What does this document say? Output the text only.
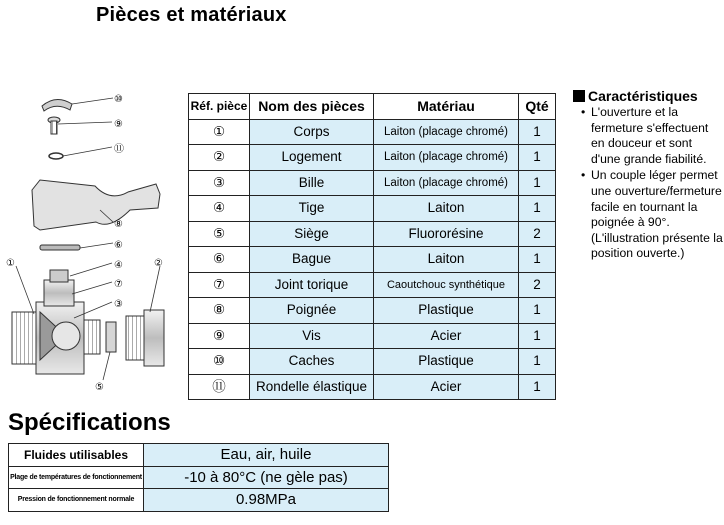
Pièces et matériaux
⑩
⑨
⑪
⑧
⑥
④
⑦
③
①	②
⑤
Réf. pièce	Nom des pièces	Matériau	Qté
①	Corps	Laiton (placage chromé)	1
②	Logement	Laiton (placage chromé)	1
③	Bille	Laiton (placage chromé)	1
④	Tige	Laiton	1
⑤	Siège	Fluororésine	2
⑥	Bague	Laiton	1
⑦	Joint torique	Caoutchouc synthétique	2
⑧	Poignée	Plastique	1
⑨	Vis	Acier	1
⑩	Caches	Plastique	1
⑪	Rondelle élastique	Acier	1
Caractéristiques
• L'ouverture et la fermeture s'effectuent en douceur et sont d'une grande fiabilité.
• Un couple léger permet une ouverture/fermeture facile en tournant la poignée à 90°. (L'illustration présente la position ouverte.)
Spécifications
Fluides utilisables	Eau, air, huile
Plage de températures de fonctionnement	-10 à 80°C (ne gèle pas)
Pression de fonctionnement normale	0.98MPa
